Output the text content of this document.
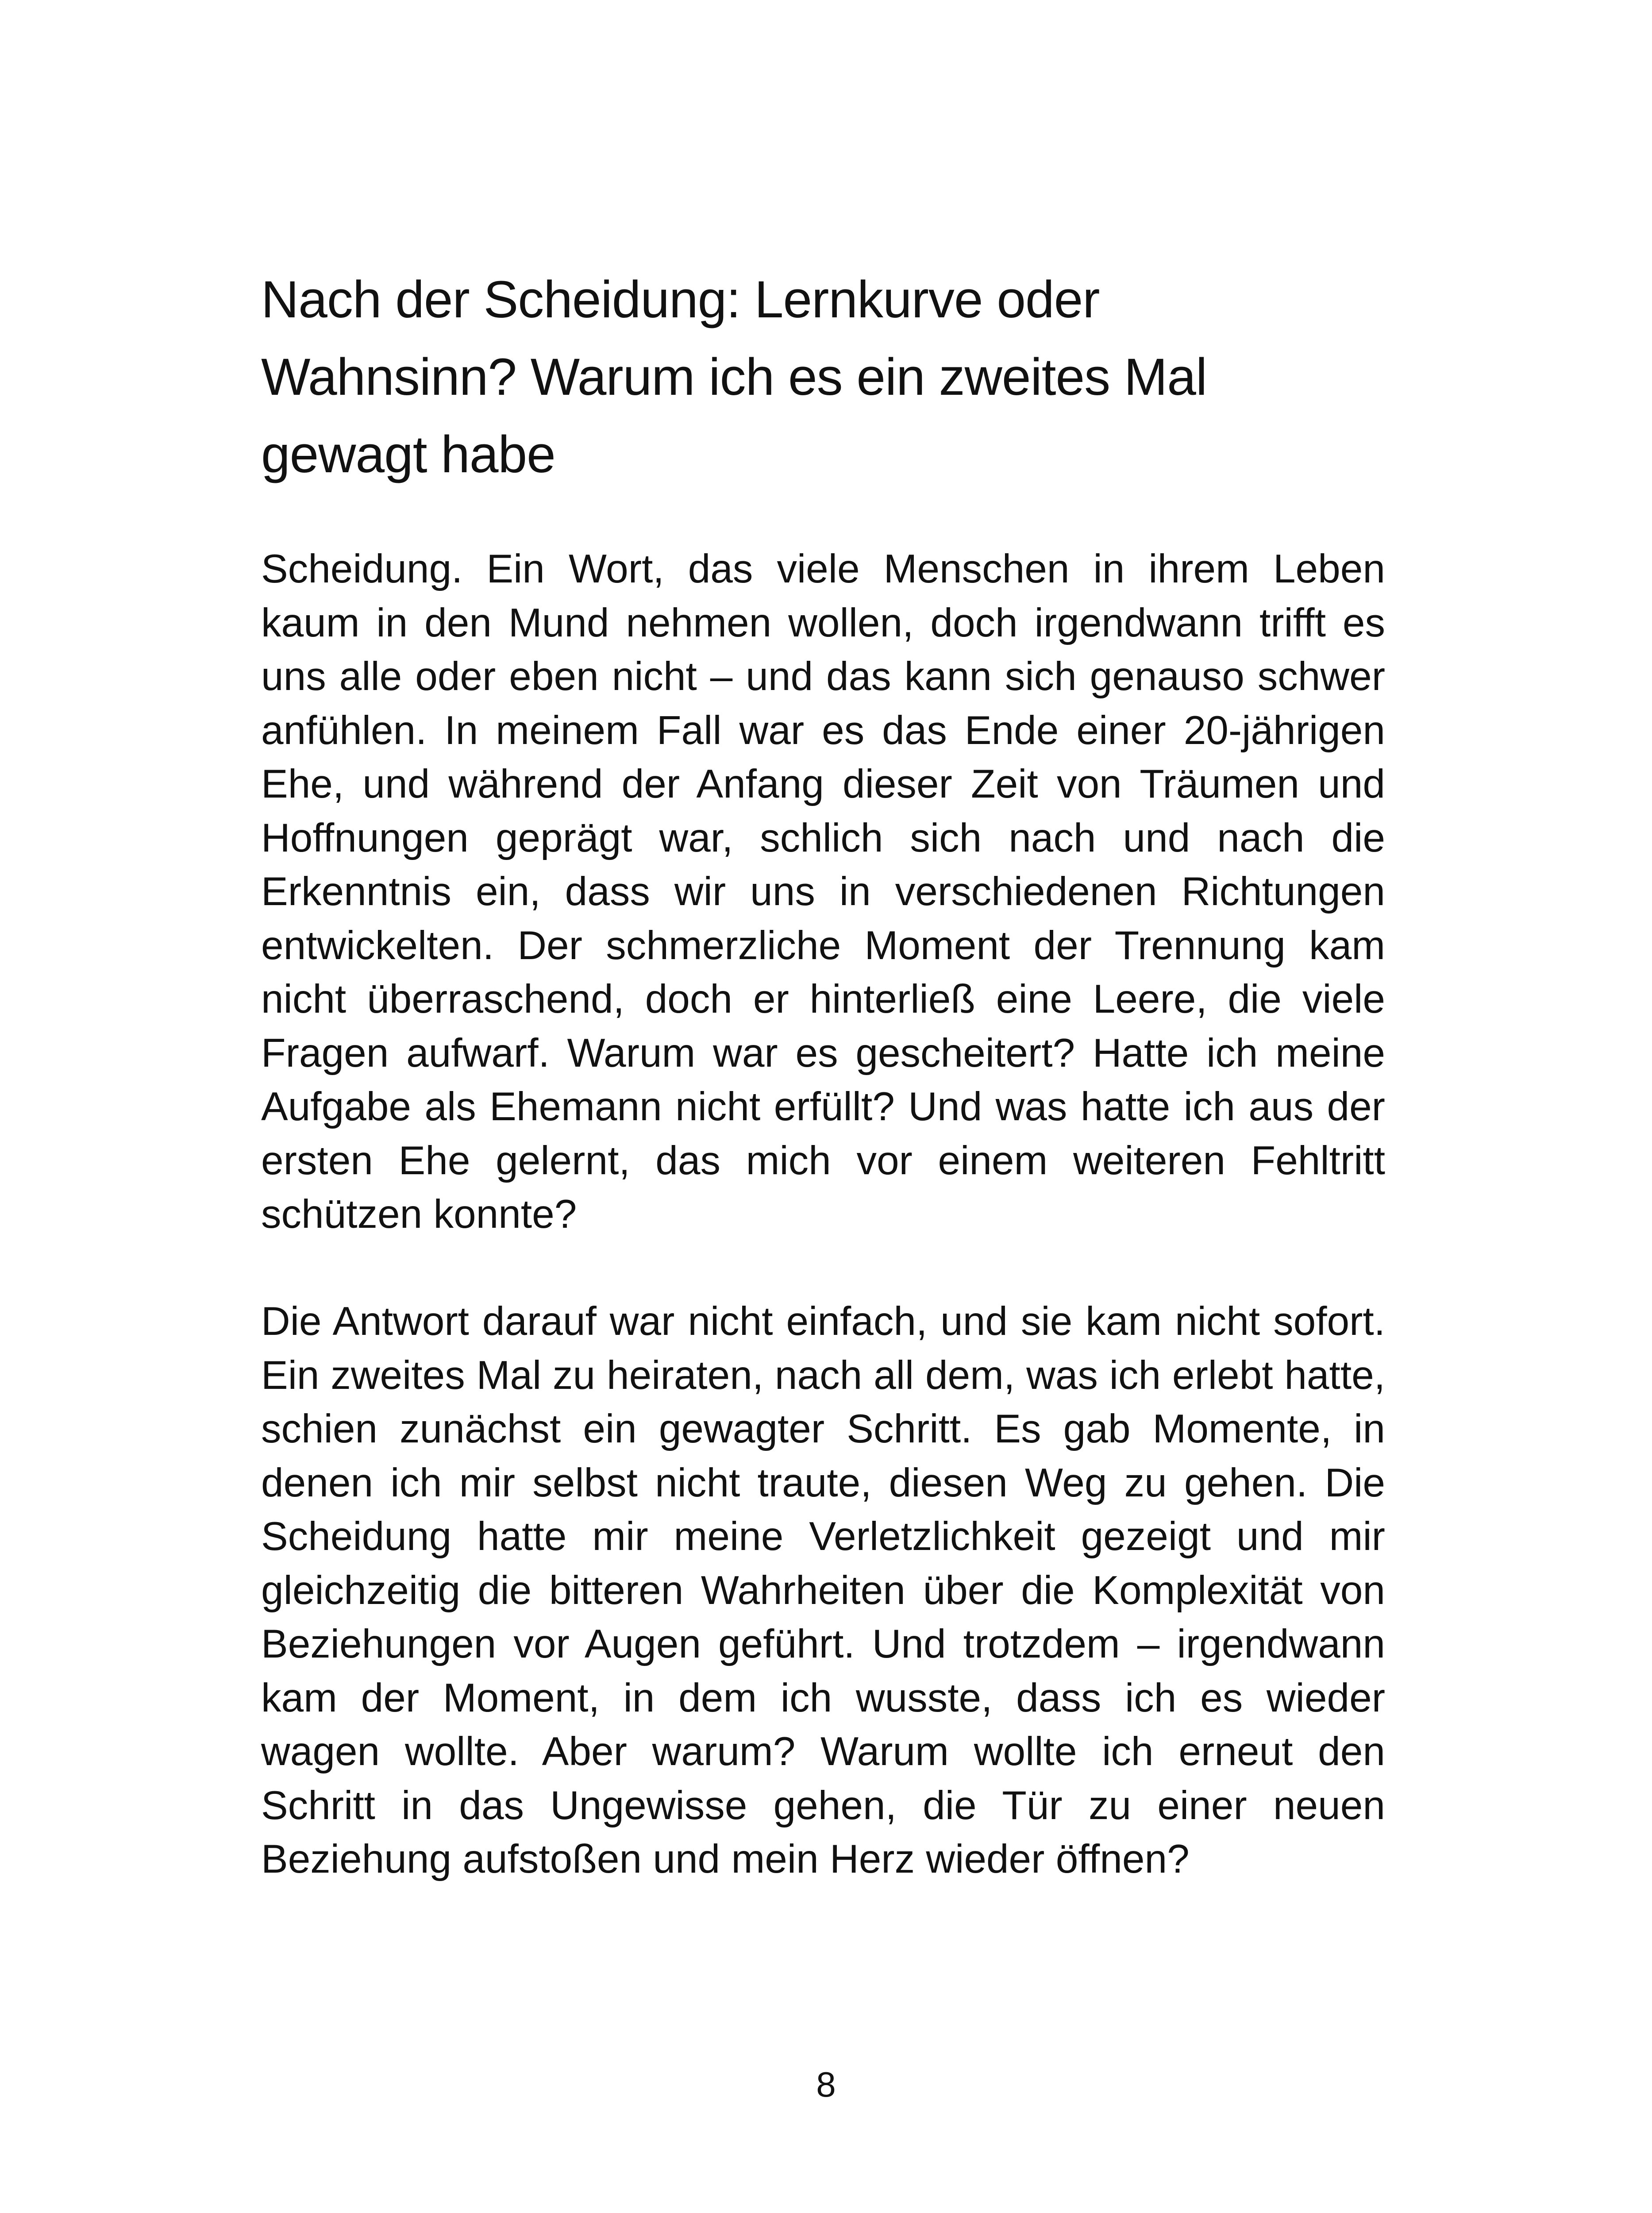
Nach der Scheidung: Lernkurve oder
Wahnsinn? Warum ich es ein zweites Mal
gewagt habe

Scheidung. Ein Wort, das viele Menschen in ihrem Leben kaum in den Mund nehmen wollen, doch irgendwann trifft es uns alle oder eben nicht – und das kann sich genauso schwer anfühlen. In meinem Fall war es das Ende einer 20-jährigen Ehe, und während der Anfang dieser Zeit von Träumen und Hoffnungen geprägt war, schlich sich nach und nach die Erkenntnis ein, dass wir uns in verschiedenen Richtungen entwickelten. Der schmerzliche Moment der Trennung kam nicht überraschend, doch er hinterließ eine Leere, die viele Fragen aufwarf. Warum war es gescheitert? Hatte ich meine Aufgabe als Ehemann nicht erfüllt? Und was hatte ich aus der ersten Ehe gelernt, das mich vor einem weiteren Fehltritt schützen konnte?

Die Antwort darauf war nicht einfach, und sie kam nicht sofort. Ein zweites Mal zu heiraten, nach all dem, was ich erlebt hatte, schien zunächst ein gewagter Schritt. Es gab Momente, in denen ich mir selbst nicht traute, diesen Weg zu gehen. Die Scheidung hatte mir meine Verletzlichkeit gezeigt und mir gleichzeitig die bitteren Wahrheiten über die Komplexität von Beziehungen vor Augen geführt. Und trotzdem – irgendwann kam der Moment, in dem ich wusste, dass ich es wieder wagen wollte. Aber warum? Warum wollte ich erneut den Schritt in das Ungewisse gehen, die Tür zu einer neuen Beziehung aufstoßen und mein Herz wieder öffnen?

8
